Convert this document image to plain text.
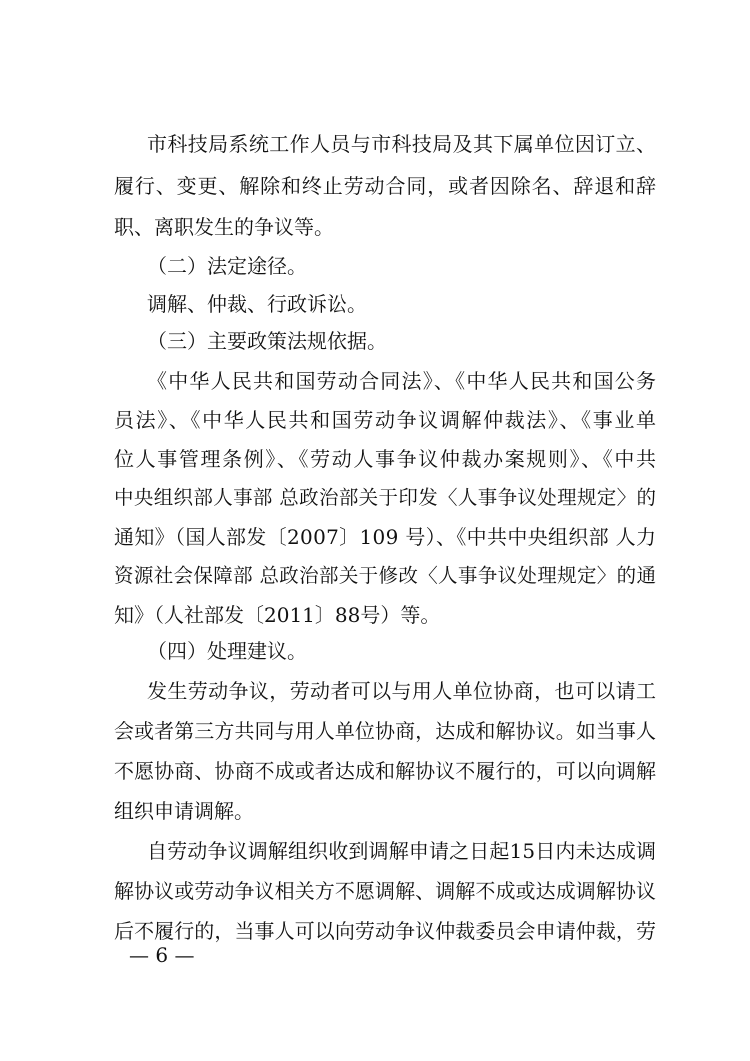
市科技局系统工作人员与市科技局及其下属单位因订立、
履行、变更、解除和终止劳动合同，或者因除名、辞退和辞
职、离职发生的争议等。
（二）法定途径。
调解、仲裁、行政诉讼。
（三）主要政策法规依据。
《中华人民共和国劳动合同法》、《中华人民共和国公务
员法》、《中华人民共和国劳动争议调解仲裁法》、《事业单
位人事管理条例》、《劳动人事争议仲裁办案规则》、《中共
中央组织部人事部 总政治部关于印发〈人事争议处理规定〉的
通知》（国人部发〔2007〕109 号）、《中共中央组织部 人力
资源社会保障部 总政治部关于修改〈人事争议处理规定〉的通
知》（人社部发〔2011〕88号）等。
（四）处理建议。
发生劳动争议，劳动者可以与用人单位协商，也可以请工
会或者第三方共同与用人单位协商，达成和解协议。如当事人
不愿协商、协商不成或者达成和解协议不履行的，可以向调解
组织申请调解。
自劳动争议调解组织收到调解申请之日起15日内未达成调
解协议或劳动争议相关方不愿调解、调解不成或达成调解协议
后不履行的，当事人可以向劳动争议仲裁委员会申请仲裁，劳
— 6 —
